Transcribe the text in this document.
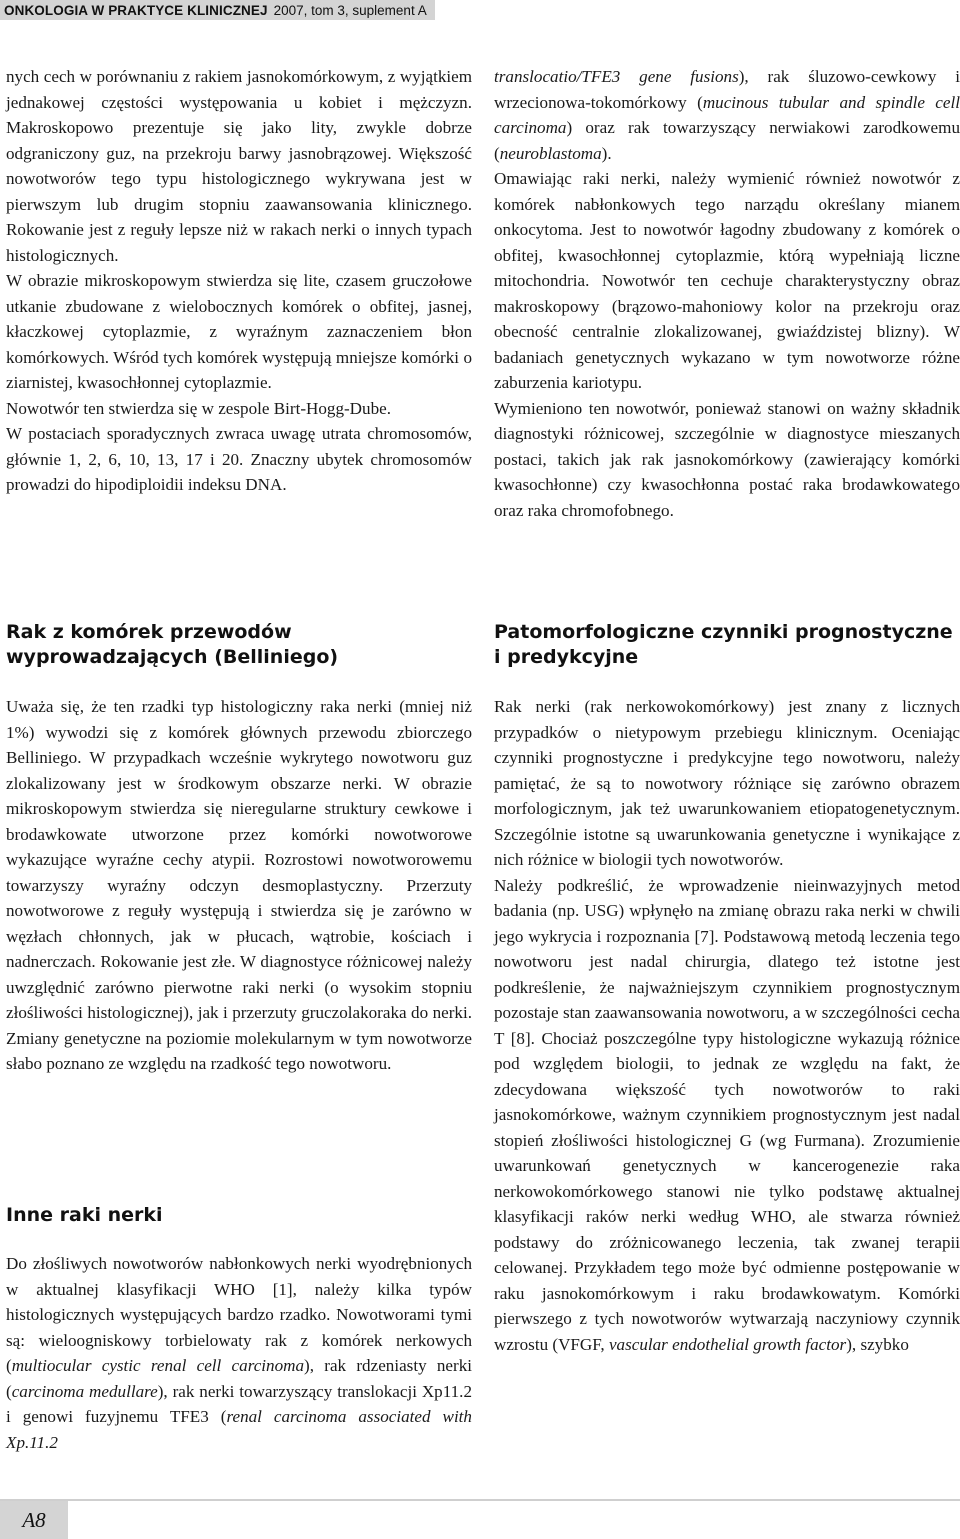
ONKOLOGIA W PRAKTYCE KLINICZNEJ 2007, tom 3, suplement A

nych cech w porównaniu z rakiem jasnokomórkowym, z wyjątkiem jednakowej częstości występowania u kobiet i mężczyzn. Makroskopowo prezentuje się jako lity, zwykle dobrze odgraniczony guz, na przekroju barwy jasnobrązowej. Większość nowotworów tego typu histologicznego wykrywana jest w pierwszym lub drugim stopniu zaawansowania klinicznego. Rokowanie jest z reguły lepsze niż w rakach nerki o innych typach histologicznych.

W obrazie mikroskopowym stwierdza się lite, czasem gruczołowe utkanie zbudowane z wielobocznych komórek o obfitej, jasnej, kłaczkowej cytoplazmie, z wyraźnym zaznaczeniem błon komórkowych. Wśród tych komórek występują mniejsze komórki o ziarnistej, kwasochłonnej cytoplazmie.

Nowotwór ten stwierdza się w zespole Birt-Hogg-Dube.

W postaciach sporadycznych zwraca uwagę utrata chromosomów, głównie 1, 2, 6, 10, 13, 17 i 20. Znaczny ubytek chromosomów prowadzi do hipodiploidii indeksu DNA.

translocatio/TFE3 gene fusions), rak śluzowo-cewkowy i wrzecionowa-tokomórkowy (mucinous tubular and spindle cell carcinoma) oraz rak towarzyszący nerwiakowi zarodkowemu (neuroblastoma).

Omawiając raki nerki, należy wymienić również nowotwór z komórek nabłonkowych tego narządu określany mianem onkocytoma. Jest to nowotwór łagodny zbudowany z komórek o obfitej, kwasochłonnej cytoplazmie, którą wypełniają liczne mitochondria. Nowotwór ten cechuje charakterystyczny obraz makroskopowy (brązowo-mahoniowy kolor na przekroju oraz obecność centralnie zlokalizowanej, gwiaździstej blizny). W badaniach genetycznych wykazano w tym nowotworze różne zaburzenia kariotypu.

Wymieniono ten nowotwór, ponieważ stanowi on ważny składnik diagnostyki różnicowej, szczególnie w diagnostyce mieszanych postaci, takich jak rak jasnokomórkowy (zawierający komórki kwasochłonne) czy kwasochłonna postać raka brodawkowatego oraz raka chromofobnego.

Rak z komórek przewodów wyprowadzających (Belliniego)

Uważa się, że ten rzadki typ histologiczny raka nerki (mniej niż 1%) wywodzi się z komórek głównych przewodu zbiorczego Belliniego. W przypadkach wcześnie wykrytego nowotworu guz zlokalizowany jest w środkowym obszarze nerki. W obrazie mikroskopowym stwierdza się nieregularne struktury cewkowe i brodawkowate utworzone przez komórki nowotworowe wykazujące wyraźne cechy atypii. Rozrostowi nowotworowemu towarzyszy wyraźny odczyn desmoplastyczny. Przerzuty nowotworowe z reguły występują i stwierdza się je zarówno w węzłach chłonnych, jak w płucach, wątrobie, kościach i nadnerczach. Rokowanie jest złe. W diagnostyce różnicowej należy uwzględnić zarówno pierwotne raki nerki (o wysokim stopniu złośliwości histologicznej), jak i przerzuty gruczolakoraka do nerki. Zmiany genetyczne na poziomie molekularnym w tym nowotworze słabo poznano ze względu na rzadkość tego nowotworu.

Inne raki nerki

Do złośliwych nowotworów nabłonkowych nerki wyodrębnionych w aktualnej klasyfikacji WHO [1], należy kilka typów histologicznych występujących bardzo rzadko. Nowotworami tymi są: wieloogniskowy torbielowaty rak z komórek nerkowych (multiocular cystic renal cell carcinoma), rak rdzeniasty nerki (carcinoma medullare), rak nerki towarzyszący translokacji Xp11.2 i genowi fuzyjnemu TFE3 (renal carcinoma associated with Xp.11.2

Patomorfologiczne czynniki prognostyczne i predykcyjne

Rak nerki (rak nerkowokomórkowy) jest znany z licznych przypadków o nietypowym przebiegu klinicznym. Oceniając czynniki prognostyczne i predykcyjne tego nowotworu, należy pamiętać, że są to nowotwory różniące się zarówno obrazem morfologicznym, jak też uwarunkowaniem etiopatogenetycznym. Szczególnie istotne są uwarunkowania genetyczne i wynikające z nich różnice w biologii tych nowotworów.

Należy podkreślić, że wprowadzenie nieinwazyjnych metod badania (np. USG) wpłynęło na zmianę obrazu raka nerki w chwili jego wykrycia i rozpoznania [7]. Podstawową metodą leczenia tego nowotworu jest nadal chirurgia, dlatego też istotne jest podkreślenie, że najważniejszym czynnikiem prognostycznym pozostaje stan zaawansowania nowotworu, a w szczególności cecha T [8]. Chociaż poszczególne typy histologiczne wykazują różnice pod względem biologii, to jednak ze względu na fakt, że zdecydowana większość tych nowotworów to raki jasnokomórkowe, ważnym czynnikiem prognostycznym jest nadal stopień złośliwości histologicznej G (wg Furmana). Zrozumienie uwarunkowań genetycznych w kancerogenezie raka nerkowokomórkowego stanowi nie tylko podstawę aktualnej klasyfikacji raków nerki według WHO, ale stwarza również podstawy do zróżnicowanego leczenia, tak zwanej terapii celowanej. Przykładem tego może być odmienne postępowanie w raku jasnokomórkowym i raku brodawkowatym. Komórki pierwszego z tych nowotworów wytwarzają naczyniowy czynnik wzrostu (VFGF, vascular endothelial growth factor), szybko

A8
